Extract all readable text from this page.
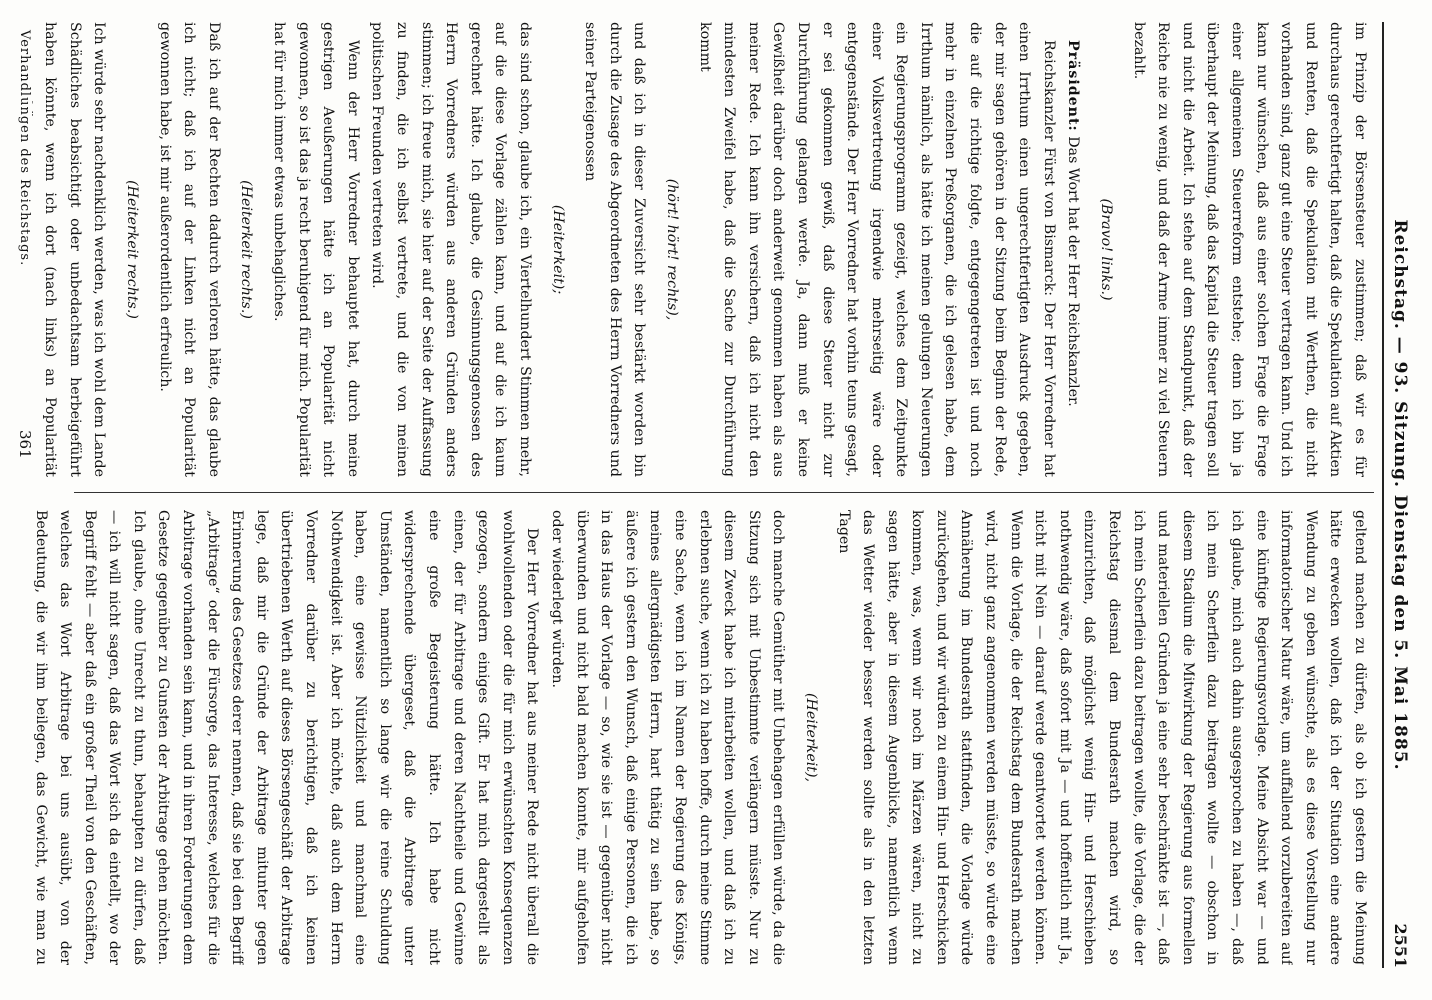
Reichstag. — 93. Sitzung. Dienstag den 5. Mai 1885.
2551

im Prinzip der Börsensteuer zustimmen; daß wir es für durchaus gerechtfertigt halten, daß die Spekulation auf Aktien und Renten, daß die Spekulation mit Werthen, die nicht vorhanden sind, ganz gut eine Steuer vertragen kann. Und ich kann nur wünschen, daß aus einer solchen Frage die Frage einer allgemeinen Steuerreform entstehe; denn ich bin ja überhaupt der Meinung, daß das Kapital die Steuer tragen soll und nicht die Arbeit. Ich stehe auf dem Standpunkt, daß der Reiche nie zu wenig, und daß der Arme immer zu viel Steuern bezahlt.

(Bravo! links.)

Präsident: Das Wort hat der Herr Reichskanzler.

Reichskanzler Fürst von Bismarck: Der Herr Vorredner hat einen Irrthum einen ungerechtfertigten Ausdruck gegeben, der mir sagen gehören in der Sitzung beim Beginn der Rede, die auf die richtige folgte, entgegengetreten ist und noch mehr in einzelnen Preßorganen, die ich gelesen habe, dem Irrthum nämlich, als hätte ich meinen gelungen Neuerungen ein Regierungsprogramm gezeigt, welches dem Zeitpunkte einer Volksvertretung irgendwie mehrseitig wäre oder entgegenstände. Der Herr Vorredner hat vorhin teuns gesagt, er sei gekommen gewiß, daß diese Steuer nicht zur Durchführung gelangen werde. Ja, dann muß er keine Gewißheit darüber doch anderweit genommen haben als aus meiner Rede. Ich kann ihn versichern, daß ich nicht den mindesten Zweifel habe, daß die Sache zur Durchführung kommt

(hört! hört! rechts),

und daß ich in dieser Zuversicht sehr bestärkt worden bin durch die Zusage des Abgeordneten des Herrn Vorredners und seiner Parteigenossen

(Heiterkeit);

das sind schon, glaube ich, ein Viertelhundert Stimmen mehr, auf die diese Vorlage zählen kann, und auf die ich kaum gerechnet hätte. Ich glaube, die Gesinnungsgenossen des Herrn Vorredners würden aus anderen Gründen anders stimmen; ich freue mich, sie hier auf der Seite der Auffassung zu finden, die ich selbst vertrete, und die von meinen politischen Freunden vertreten wird.

Wenn der Herr Vorredner behauptet hat, durch meine gestrigen Aeußerungen hätte ich an Popularität nicht gewonnen, so ist das ja recht beruhigend für mich. Popularität hat für mich immer etwas unbehagliches.

(Heiterkeit rechts.)

Daß ich auf der Rechten dadurch verloren hätte, das glaube ich nicht; daß ich auf der Linken nicht an Popularität gewonnen habe, ist mir außerordentlich erfreulich.

(Heiterkeit rechts.)

Ich würde sehr nachdenklich werden, was ich wohl dem Lande Schädliches beabsichtigt oder unbedachtsam herbeigeführt haben könnte, wenn ich dort (nach links) an Popularität

geltend machen zu dürfen, als ob ich gestern die Meinung hätte erwecken wollen, daß ich der Situation eine andere Wendung zu geben wünschte, als es diese Vorstellung nur informatorischer Natur wäre, um auffallend vorzubereiten auf eine künftige Regierungsvorlage. Meine Absicht war — und ich glaube, mich auch dahin ausgesprochen zu haben —, daß ich mein Scherflein dazu beitragen wollte — obschon in diesem Stadium die Mitwirkung der Regierung aus formellen und materiellen Gründen ja eine sehr beschränkte ist —, daß ich mein Scherflein dazu beitragen wollte, die Vorlage, die der Reichstag diesmal dem Bundesrath machen wird, so einzurichten, daß möglichst wenig Hin- und Herschieben nothwendig wäre, daß sofort mit Ja — und hoffentlich mit Ja, nicht mit Nein — darauf werde geantwortet werden können. Wenn die Vorlage, die der Reichstag dem Bundesrath machen wird, nicht ganz angenommen werden müsste, so würde eine Annäherung im Bundesrath stattfinden, die Vorlage würde zurückgehen, und wir würden zu einem Hin- und Herschicken kommen, was, wenn wir noch im Märzen wären, nicht zu sagen hätte, aber in diesem Augenblicke, namentlich wenn das Wetter wieder besser werden sollte als in den letzten Tagen

(Heiterkeit),

doch manche Gemüther mit Unbehagen erfüllen würde, da die Sitzung sich mit Unbestimmte verlängern müsste. Nur zu diesem Zweck habe ich mitarbeiten wollen, und daß ich zu erlebnen suche, wenn ich zu haben hoffe, durch meine Stimme eine Sache, wenn ich im Namen der Regierung des Königs, meines allergnädigsten Herrn, hart thätig zu sein habe, so äußere ich gestern den Wunsch, daß einige Personen, die ich in das Haus der Vorlage — so, wie sie ist — gegenüber nicht überwunden und nicht bald machen konnte, mir aufgeholfen oder wiederlegt würden.

Der Herr Vorredner hat aus meiner Rede nicht überall die wohlwollenden oder die für mich erwünschten Konsequenzen gezogen, sondern einiges Gift. Er hat mich dargestellt als einen, der für Arbitrage und deren Nachtheile und Gewinne eine große Begeisterung hätte. Ich habe nicht widersprechende übergeset, daß die Arbitrage unter Umständen, namentlich so lange wir die reine Schuldung haben, eine gewisse Nützlichkeit und manchmal eine Nothwendigkeit ist. Aber ich möchte, daß auch dem Herrn Vorredner darüber zu berichtigen, daß ich keinen übertriebenen Werth auf dieses Börsengeschäft der Arbitrage lege, daß mir die Gründe der Arbitrage mitunter gegen Erinnerung des Gesetzes derer nennen, daß sie bei den Begriff „Arbitrage“ oder die Fürsorge, das Interesse, welches für die Arbitrage vorhanden sein kann, und in ihren Forderungen dem Gesetze gegenüber zu Gunsten der Arbitrage gehen möchten. Ich glaube, ohne Unrecht zu thun, behaupten zu dürfen, daß — ich will nicht sagen, daß das Wort sich da eintellt, wo der Begriff fehlt — aber daß ein großer Theil von den Geschäften, welches das Wort Arbitrage bei uns ausübt, von der Bedeutung, die wir ihm beilegen, das Gewicht, wie man zu

Verhandlungen des Reichstags.
361
